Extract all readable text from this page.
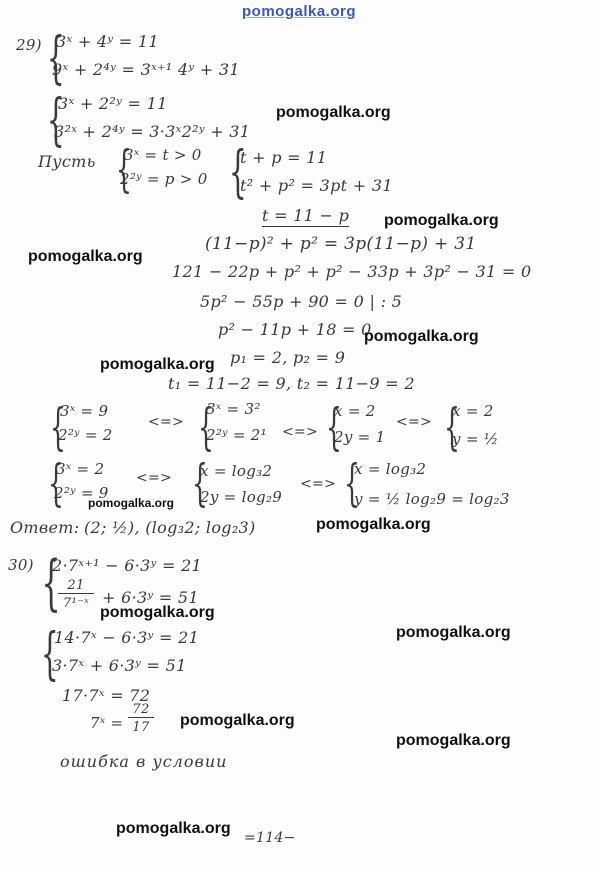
pomogalka.org
29) {
3ˣ + 4ʸ = 11
9ˣ + 2⁴ʸ = 3ˣ⁺¹ 4ʸ + 31
{
3ˣ + 2²ʸ = 11
3²ˣ + 2⁴ʸ = 3·3ˣ2²ʸ + 31
Пусть {
3ˣ = t > 0
2²ʸ = p > 0 {
t + p = 11
t² + p² = 3pt + 31
t = 11 − p
(11−p)² + p² = 3p(11−p) + 31
121 − 22p + p² + p² − 33p + 3p² − 31 = 0
5p² − 55p + 90 = 0 | : 5
p² − 11p + 18 = 0
p₁ = 2, p₂ = 9
t₁ = 11−2 = 9, t₂ = 11−9 = 2
{
3ˣ = 9
2²ʸ = 2
<=> {
3ˣ = 3²
2²ʸ = 2¹ <=> {
x = 2
2y = 1
<=> {
x = 2
y = ½
{
3ˣ = 2
2²ʸ = 9
<=> {
x = log₃2
2y = log₂9
<=> {
x = log₃2
y = ½ log₂9 = log₂3
Ответ: (2; ½), (log₃2; log₂3)
30) {
2·7ˣ⁺¹ − 6·3ʸ = 21
21
7¹⁻ˣ + 6·3ʸ = 51
{
14·7ˣ − 6·3ʸ = 21
3·7ˣ + 6·3ʸ = 51
17·7ˣ = 72
7ˣ =
72
17
ошибка в условии
=114−
pomogalka.org
pomogalka.org
pomogalka.org
pomogalka.org
pomogalka.org
pomogalka.org
pomogalka.org
pomogalka.org
pomogalka.org
pomogalka.org
pomogalka.org
pomogalka.org
